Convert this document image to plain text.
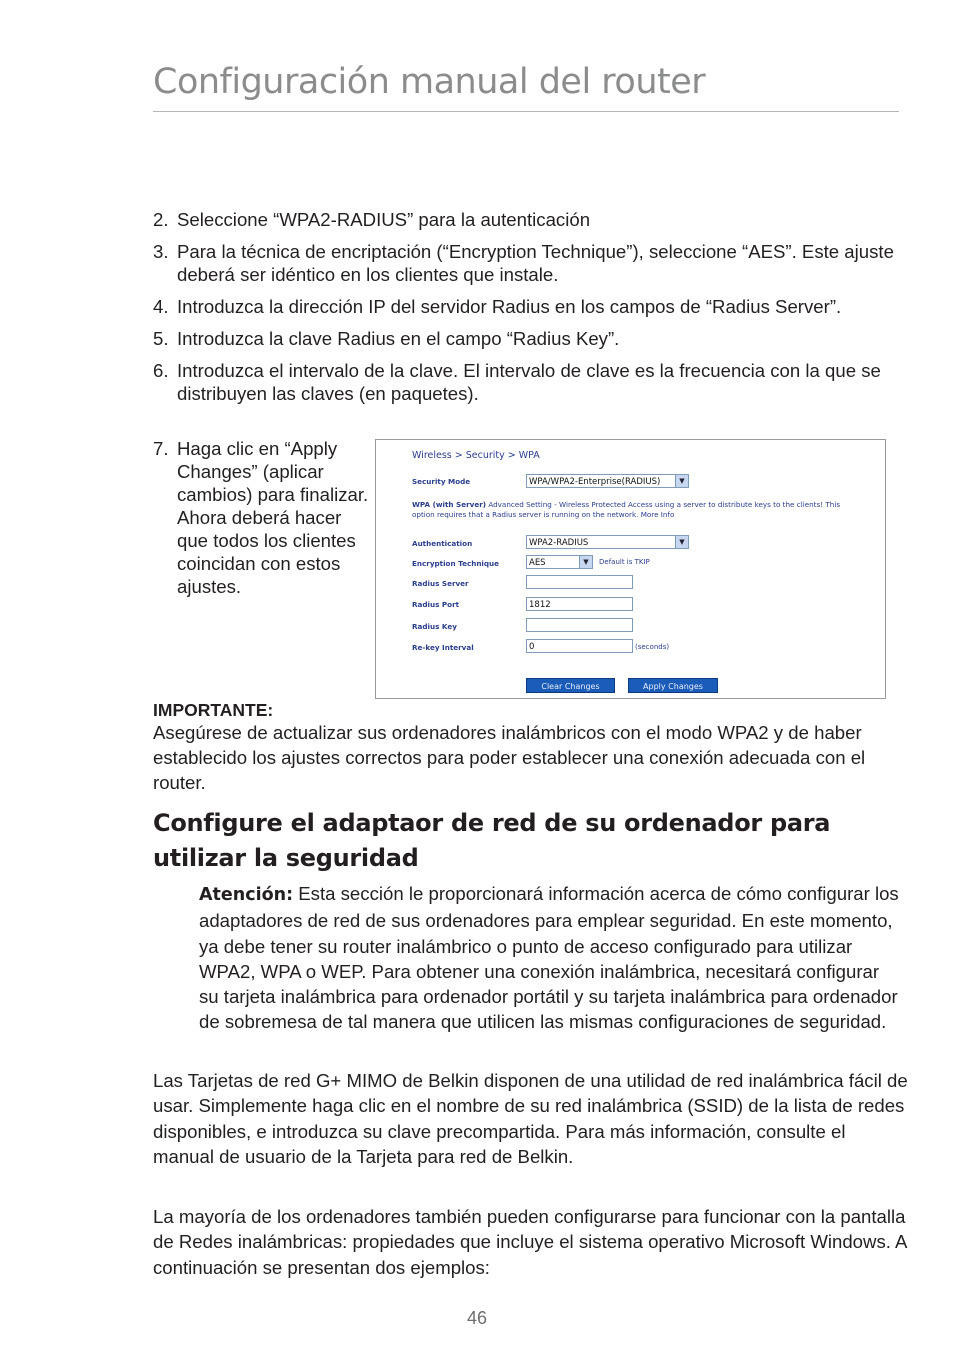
Configuración manual del router
2. Seleccione “WPA2-RADIUS” para la autenticación
3. Para la técnica de encriptación (“Encryption Technique”), seleccione “AES”. Este ajuste deberá ser idéntico en los clientes que instale.
4. Introduzca la dirección IP del servidor Radius en los campos de “Radius Server”.
5. Introduzca la clave Radius en el campo “Radius Key”.
6. Introduzca el intervalo de la clave. El intervalo de clave es la frecuencia con la que se distribuyen las claves (en paquetes).
7. Haga clic en “Apply Changes” (aplicar cambios) para finalizar. Ahora deberá hacer que todos los clientes coincidan con estos ajustes.
Wireless > Security > WPA
Security Mode	WPA/WPA2-Enterprise(RADIUS)	▼
WPA (with Server) Advanced Setting - Wireless Protected Access using a server to distribute keys to the clients! This option requires that a Radius server is running on the network. More Info
Authentication	WPA2-RADIUS	▼
Encryption Technique	AES	▼	Default is TKIP
Radius Server
Radius Port	1812
Radius Key
Re-key Interval	0	(seconds)
Clear Changes	Apply Changes

IMPORTANTE:

Asegúrese de actualizar sus ordenadores inalámbricos con el modo WPA2 y de haber establecido los ajustes correctos para poder establecer una conexión adecuada con el router.

Configure el adaptaor de red de su ordenador para utilizar la seguridad

Atención: Esta sección le proporcionará información acerca de cómo configurar los adaptadores de red de sus ordenadores para emplear seguridad. En este momento, ya debe tener su router inalámbrico o punto de acceso configurado para utilizar WPA2, WPA o WEP. Para obtener una conexión inalámbrica, necesitará configurar su tarjeta inalámbrica para ordenador portátil y su tarjeta inalámbrica para ordenador de sobremesa de tal manera que utilicen las mismas configuraciones de seguridad.

Las Tarjetas de red G+ MIMO de Belkin disponen de una utilidad de red inalámbrica fácil de usar. Simplemente haga clic en el nombre de su red inalámbrica (SSID) de la lista de redes disponibles, e introduzca su clave precompartida. Para más información, consulte el manual de usuario de la Tarjeta para red de Belkin.

La mayoría de los ordenadores también pueden configurarse para funcionar con la pantalla de Redes inalámbricas: propiedades que incluye el sistema operativo Microsoft Windows. A continuación se presentan dos ejemplos:

46
